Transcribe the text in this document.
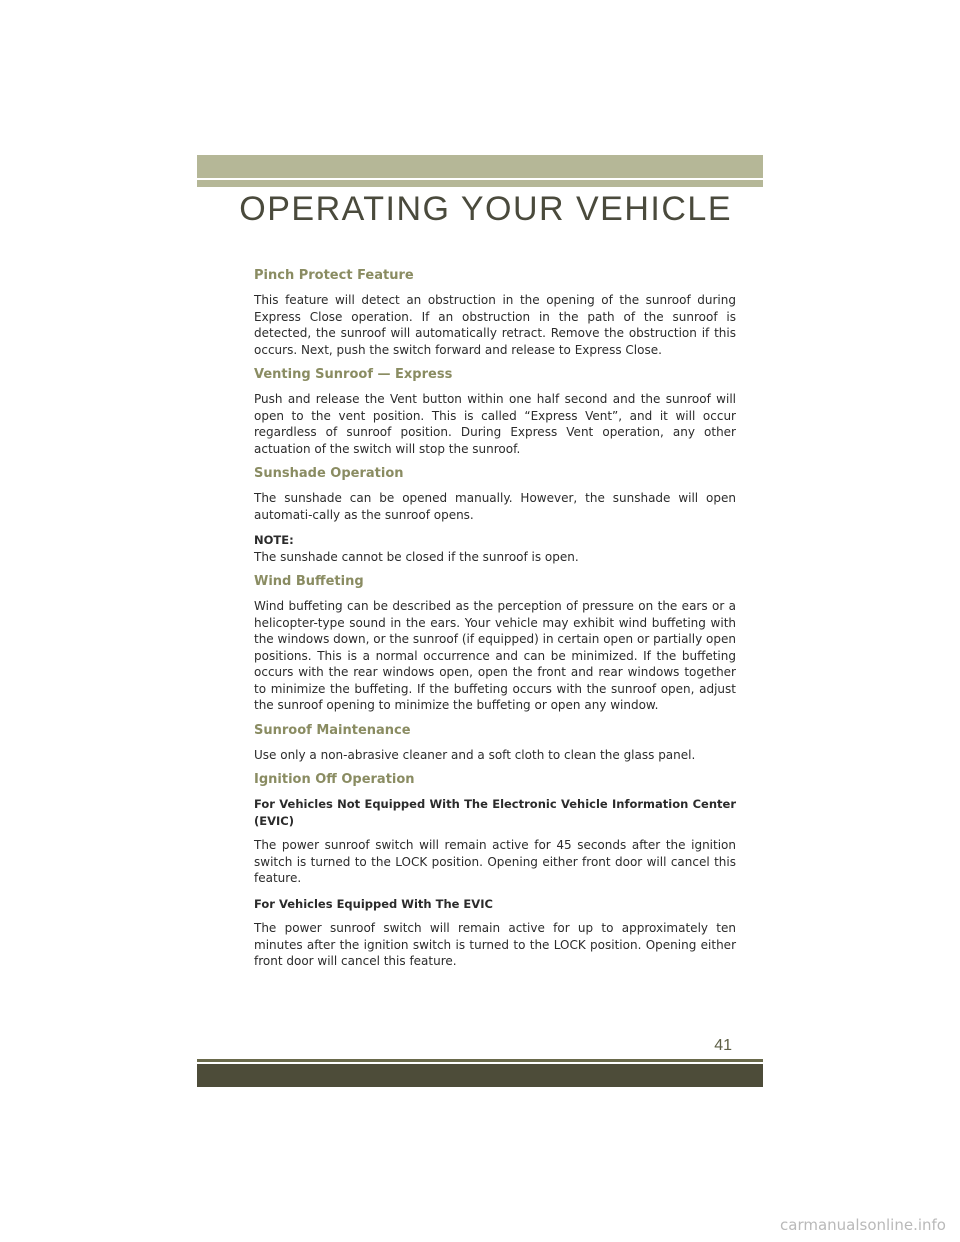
OPERATING YOUR VEHICLE
Pinch Protect Feature

This feature will detect an obstruction in the opening of the sunroof during Express Close operation. If an obstruction in the path of the sunroof is detected, the sunroof will automatically retract. Remove the obstruction if this occurs. Next, push the switch forward and release to Express Close.

Venting Sunroof — Express

Push and release the Vent button within one half second and the sunroof will open to the vent position. This is called “Express Vent”, and it will occur regardless of sunroof position. During Express Vent operation, any other actuation of the switch will stop the sunroof.

Sunshade Operation

The sunshade can be opened manually. However, the sunshade will open automati-cally as the sunroof opens.

NOTE:
The sunshade cannot be closed if the sunroof is open.

Wind Buffeting

Wind buffeting can be described as the perception of pressure on the ears or a helicopter-type sound in the ears. Your vehicle may exhibit wind buffeting with the windows down, or the sunroof (if equipped) in certain open or partially open positions. This is a normal occurrence and can be minimized. If the buffeting occurs with the rear windows open, open the front and rear windows together to minimize the buffeting. If the buffeting occurs with the sunroof open, adjust the sunroof opening to minimize the buffeting or open any window.

Sunroof Maintenance

Use only a non-abrasive cleaner and a soft cloth to clean the glass panel.

Ignition Off Operation

For Vehicles Not Equipped With The Electronic Vehicle Information Center (EVIC)

The power sunroof switch will remain active for 45 seconds after the ignition switch is turned to the LOCK position. Opening either front door will cancel this feature.

For Vehicles Equipped With The EVIC

The power sunroof switch will remain active for up to approximately ten minutes after the ignition switch is turned to the LOCK position. Opening either front door will cancel this feature.

41
carmanualsonline.info
